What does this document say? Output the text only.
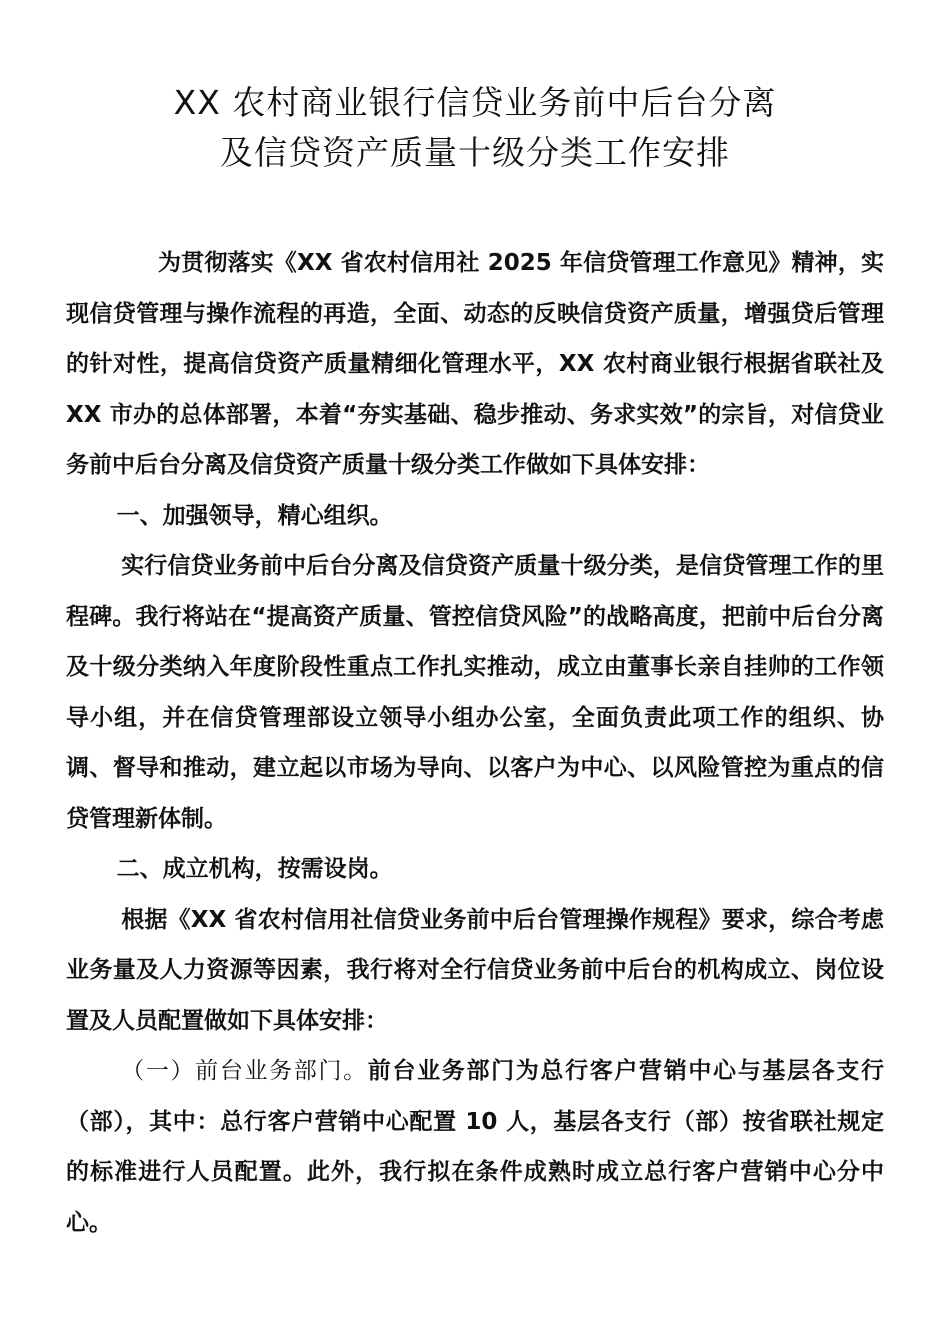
XX 农村商业银行信贷业务前中后台分离
及信贷资产质量十级分类工作安排

为贯彻落实《XX 省农村信用社 2025 年信贷管理工作意见》精神，实现信贷管理与操作流程的再造，全面、动态的反映信贷资产质量，增强贷后管理的针对性，提高信贷资产质量精细化管理水平，XX 农村商业银行根据省联社及 XX 市办的总体部署，本着“夯实基础、稳步推动、务求实效”的宗旨，对信贷业务前中后台分离及信贷资产质量十级分类工作做如下具体安排：

一、加强领导，精心组织。

实行信贷业务前中后台分离及信贷资产质量十级分类，是信贷管理工作的里程碑。我行将站在“提高资产质量、管控信贷风险”的战略高度，把前中后台分离及十级分类纳入年度阶段性重点工作扎实推动，成立由董事长亲自挂帅的工作领导小组，并在信贷管理部设立领导小组办公室，全面负责此项工作的组织、协调、督导和推动，建立起以市场为导向、以客户为中心、以风险管控为重点的信贷管理新体制。

二、成立机构，按需设岗。

根据《XX 省农村信用社信贷业务前中后台管理操作规程》要求，综合考虑业务量及人力资源等因素，我行将对全行信贷业务前中后台的机构成立、岗位设置及人员配置做如下具体安排：

（一）前台业务部门。前台业务部门为总行客户营销中心与基层各支行（部），其中：总行客户营销中心配置 10 人，基层各支行（部）按省联社规定的标准进行人员配置。此外，我行拟在条件成熟时成立总行客户营销中心分中心。
